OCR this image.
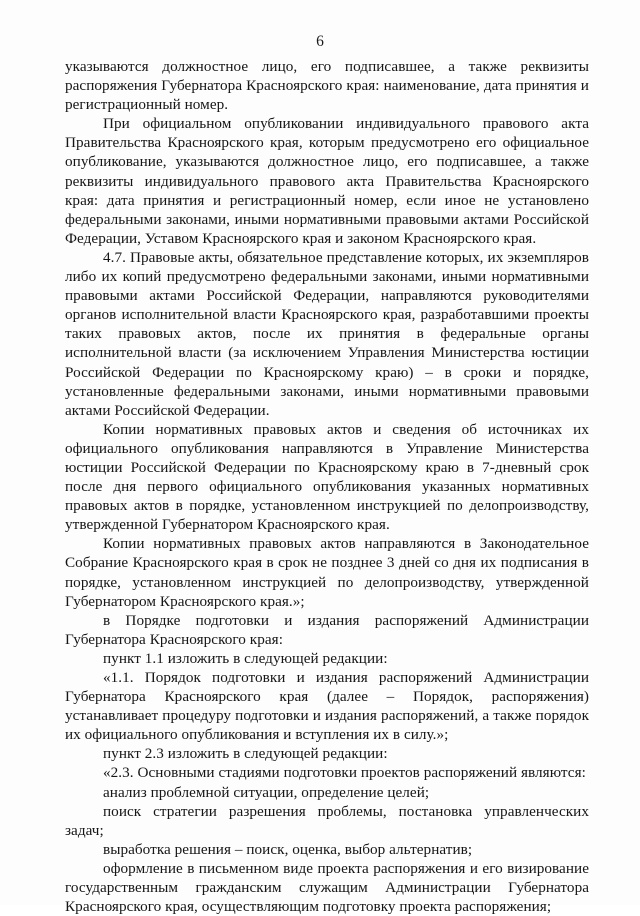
6

указываются должностное лицо, его подписавшее, а также реквизиты распоряжения Губернатора Красноярского края: наименование, дата принятия и регистрационный номер.

При официальном опубликовании индивидуального правового акта Правительства Красноярского края, которым предусмотрено его официальное опубликование, указываются должностное лицо, его подписавшее, а также реквизиты индивидуального правового акта Правительства Красноярского края: дата принятия и регистрационный номер, если иное не установлено федеральными законами, иными нормативными правовыми актами Российской Федерации, Уставом Красноярского края и законом Красноярского края.

4.7. Правовые акты, обязательное представление которых, их экземпляров либо их копий предусмотрено федеральными законами, иными нормативными правовыми актами Российской Федерации, направляются руководителями органов исполнительной власти Красноярского края, разработавшими проекты таких правовых актов, после их принятия в федеральные органы исполнительной власти (за исключением Управления Министерства юстиции Российской Федерации по Красноярскому краю) – в сроки и порядке, установленные федеральными законами, иными нормативными правовыми актами Российской Федерации.

Копии нормативных правовых актов и сведения об источниках их официального опубликования направляются в Управление Министерства юстиции Российской Федерации по Красноярскому краю в 7-дневный срок после дня первого официального опубликования указанных нормативных правовых актов в порядке, установленном инструкцией по делопроизводству, утвержденной Губернатором Красноярского края.

Копии нормативных правовых актов направляются в Законодательное Собрание Красноярского края в срок не позднее 3 дней со дня их подписания в порядке, установленном инструкцией по делопроизводству, утвержденной Губернатором Красноярского края.»;

в Порядке подготовки и издания распоряжений Администрации Губернатора Красноярского края:

пункт 1.1 изложить в следующей редакции:

«1.1. Порядок подготовки и издания распоряжений Администрации Губернатора Красноярского края (далее – Порядок, распоряжения) устанавливает процедуру подготовки и издания распоряжений, а также порядок их официального опубликования и вступления их в силу.»;

пункт 2.3 изложить в следующей редакции:

«2.3. Основными стадиями подготовки проектов распоряжений являются:

анализ проблемной ситуации, определение целей;

поиск стратегии разрешения проблемы, постановка управленческих задач;

выработка решения – поиск, оценка, выбор альтернатив;

оформление в письменном виде проекта распоряжения и его визирование государственным гражданским служащим Администрации Губернатора Красноярского края, осуществляющим подготовку проекта распоряжения;
